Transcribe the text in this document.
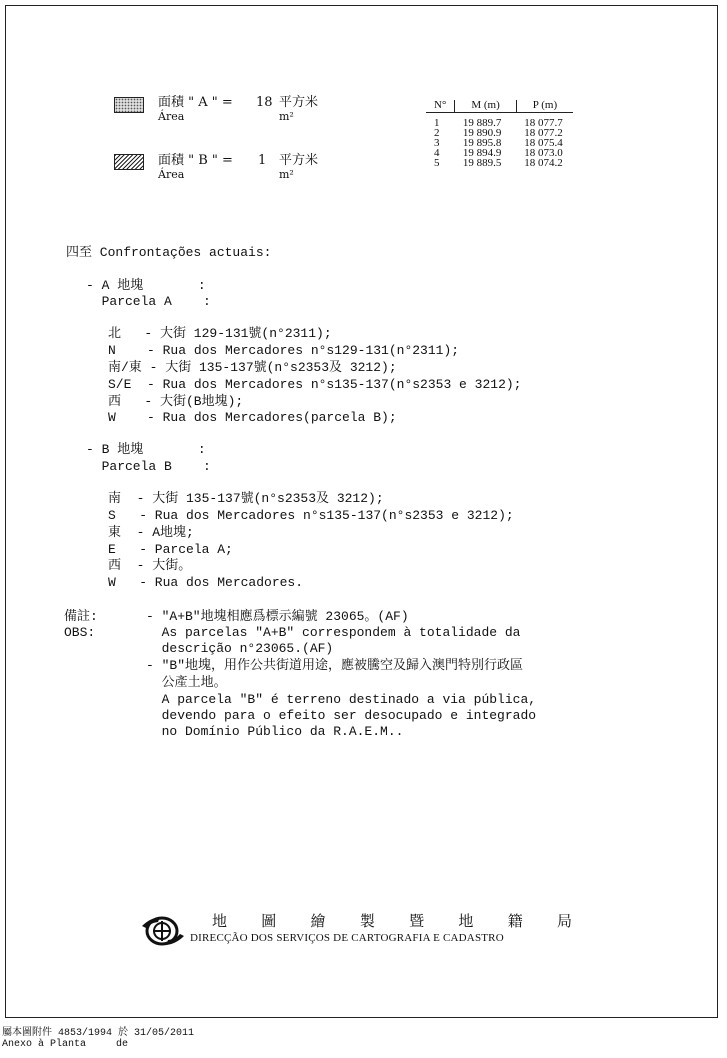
面積 " A " =
Área
18 平方米
m²
面積 " B " =
Área
1 平方米
m²
N°	M (m)	P (m)
1	19 889.7	18 077.7
2	19 890.9	18 077.2
3	19 895.8	18 075.4
4	19 894.9	18 073.0
5	19 889.5	18 074.2
四至 Confrontações actuais:
- A 地塊       :
Parcela A    :
北   - 大街 129-131號(n°2311);
N    - Rua dos Mercadores n°s129-131(n°2311);
南/東 - 大街 135-137號(n°s2353及 3212);
S/E  - Rua dos Mercadores n°s135-137(n°s2353 e 3212);
西   - 大街(B地塊);
W    - Rua dos Mercadores(parcela B);
- B 地塊       :
Parcela B    :
南  - 大街 135-137號(n°s2353及 3212);
S   - Rua dos Mercadores n°s135-137(n°s2353 e 3212);
東  - A地塊;
E   - Parcela A;
西  - 大街。
W   - Rua dos Mercadores.
備註:
OBS:
- "A+B"地塊相應爲標示編號 23065。(AF)
As parcelas "A+B" correspondem à totalidade da
descrição n°23065.(AF)
- "B"地塊，用作公共街道用途，應被騰空及歸入澳門特別行政區
公產土地。
A parcela "B" é terreno destinado a via pública,
devendo para o efeito ser desocupado e integrado
no Domínio Público da R.A.E.M..
地 圖 繪 製 暨 地 籍 局
DIRECÇÃO DOS SERVIÇOS DE CARTOGRAFIA E CADASTRO
屬本圖附件 4853/1994 於 31/05/2011
Anexo à Planta     de
